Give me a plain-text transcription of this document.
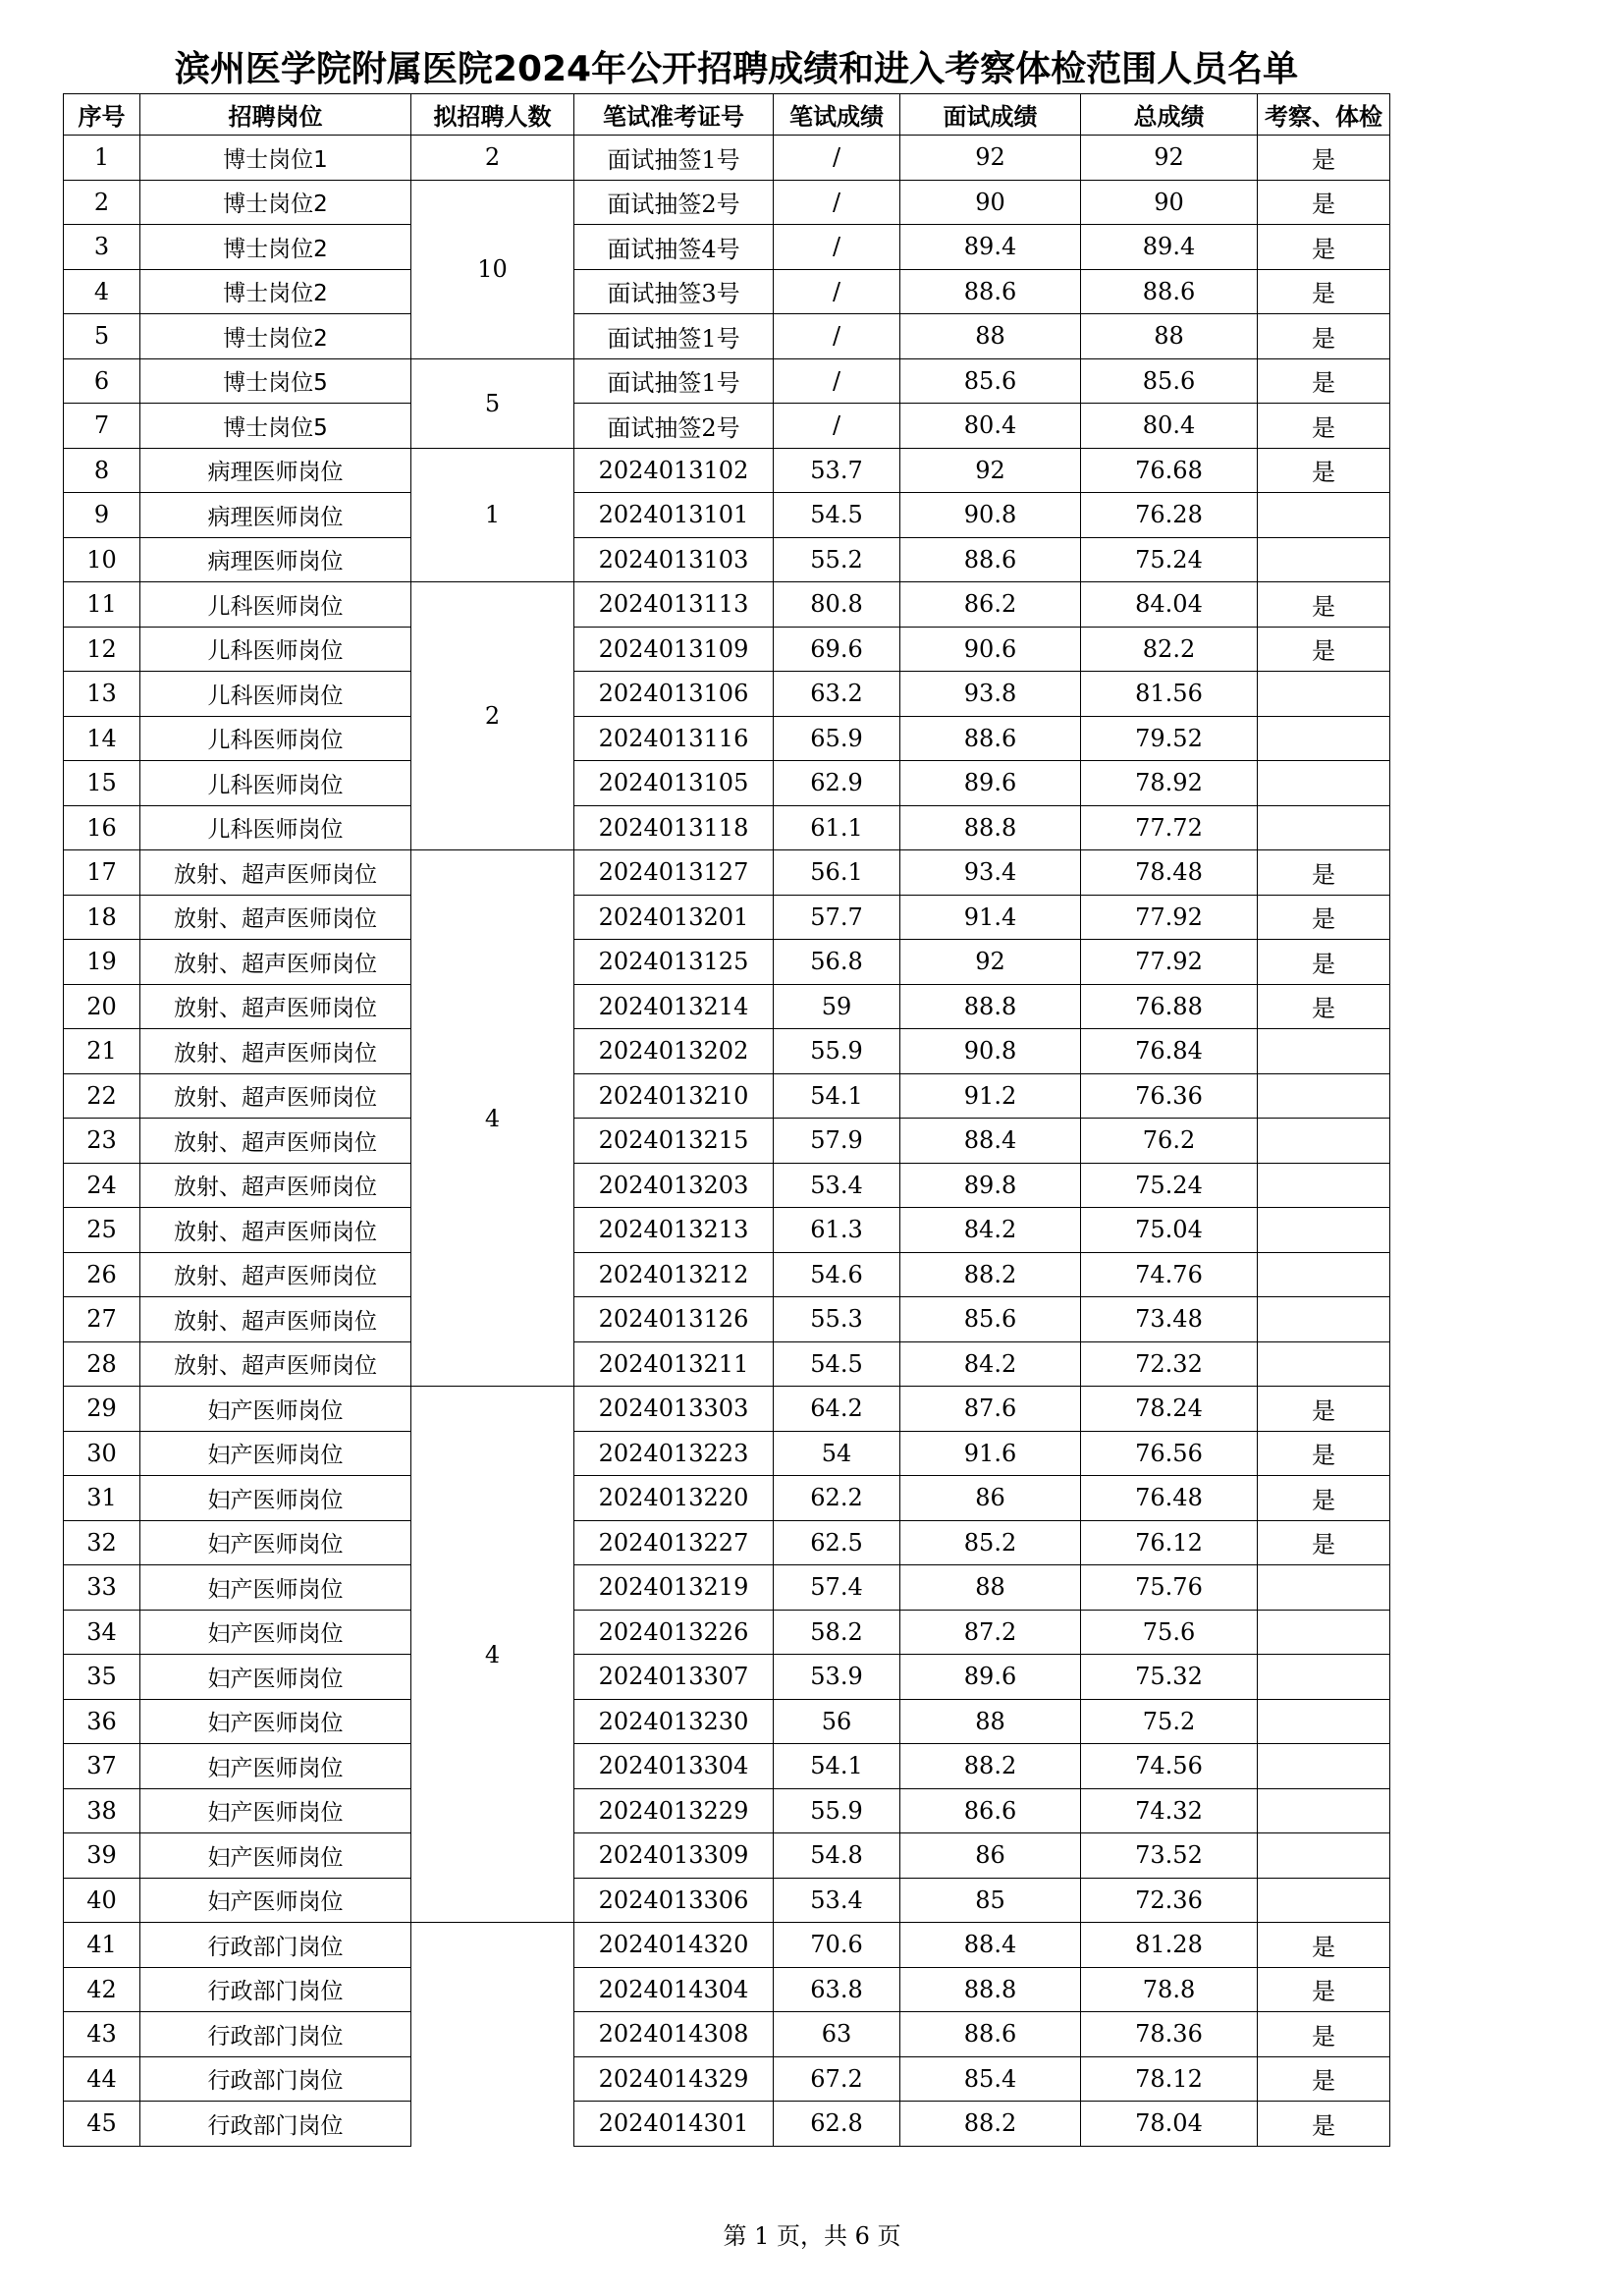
滨州医学院附属医院2024年公开招聘成绩和进入考察体检范围人员名单
序号	招聘岗位	拟招聘人数	笔试准考证号	笔试成绩	面试成绩	总成绩	考察、体检
1	博士岗位1	2	面试抽签1号	/	92	92	是
2	博士岗位2	10	面试抽签2号	/	90	90	是
3	博士岗位2		面试抽签4号	/	89.4	89.4	是
4	博士岗位2		面试抽签3号	/	88.6	88.6	是
5	博士岗位2		面试抽签1号	/	88	88	是
6	博士岗位5	5	面试抽签1号	/	85.6	85.6	是
7	博士岗位5		面试抽签2号	/	80.4	80.4	是
8	病理医师岗位	1	2024013102	53.7	92	76.68	是
9	病理医师岗位		2024013101	54.5	90.8	76.28	
10	病理医师岗位		2024013103	55.2	88.6	75.24	
11	儿科医师岗位	2	2024013113	80.8	86.2	84.04	是
12	儿科医师岗位		2024013109	69.6	90.6	82.2	是
13	儿科医师岗位		2024013106	63.2	93.8	81.56	
14	儿科医师岗位		2024013116	65.9	88.6	79.52	
15	儿科医师岗位		2024013105	62.9	89.6	78.92	
16	儿科医师岗位		2024013118	61.1	88.8	77.72	
17	放射、超声医师岗位	4	2024013127	56.1	93.4	78.48	是
18	放射、超声医师岗位		2024013201	57.7	91.4	77.92	是
19	放射、超声医师岗位		2024013125	56.8	92	77.92	是
20	放射、超声医师岗位		2024013214	59	88.8	76.88	是
21	放射、超声医师岗位		2024013202	55.9	90.8	76.84	
22	放射、超声医师岗位		2024013210	54.1	91.2	76.36	
23	放射、超声医师岗位		2024013215	57.9	88.4	76.2	
24	放射、超声医师岗位		2024013203	53.4	89.8	75.24	
25	放射、超声医师岗位		2024013213	61.3	84.2	75.04	
26	放射、超声医师岗位		2024013212	54.6	88.2	74.76	
27	放射、超声医师岗位		2024013126	55.3	85.6	73.48	
28	放射、超声医师岗位		2024013211	54.5	84.2	72.32	
29	妇产医师岗位	4	2024013303	64.2	87.6	78.24	是
30	妇产医师岗位		2024013223	54	91.6	76.56	是
31	妇产医师岗位		2024013220	62.2	86	76.48	是
32	妇产医师岗位		2024013227	62.5	85.2	76.12	是
33	妇产医师岗位		2024013219	57.4	88	75.76	
34	妇产医师岗位		2024013226	58.2	87.2	75.6	
35	妇产医师岗位		2024013307	53.9	89.6	75.32	
36	妇产医师岗位		2024013230	56	88	75.2	
37	妇产医师岗位		2024013304	54.1	88.2	74.56	
38	妇产医师岗位		2024013229	55.9	86.6	74.32	
39	妇产医师岗位		2024013309	54.8	86	73.52	
40	妇产医师岗位		2024013306	53.4	85	72.36	
41	行政部门岗位		2024014320	70.6	88.4	81.28	是
42	行政部门岗位		2024014304	63.8	88.8	78.8	是
43	行政部门岗位		2024014308	63	88.6	78.36	是
44	行政部门岗位		2024014329	67.2	85.4	78.12	是
45	行政部门岗位		2024014301	62.8	88.2	78.04	是
第 1 页，共 6 页
